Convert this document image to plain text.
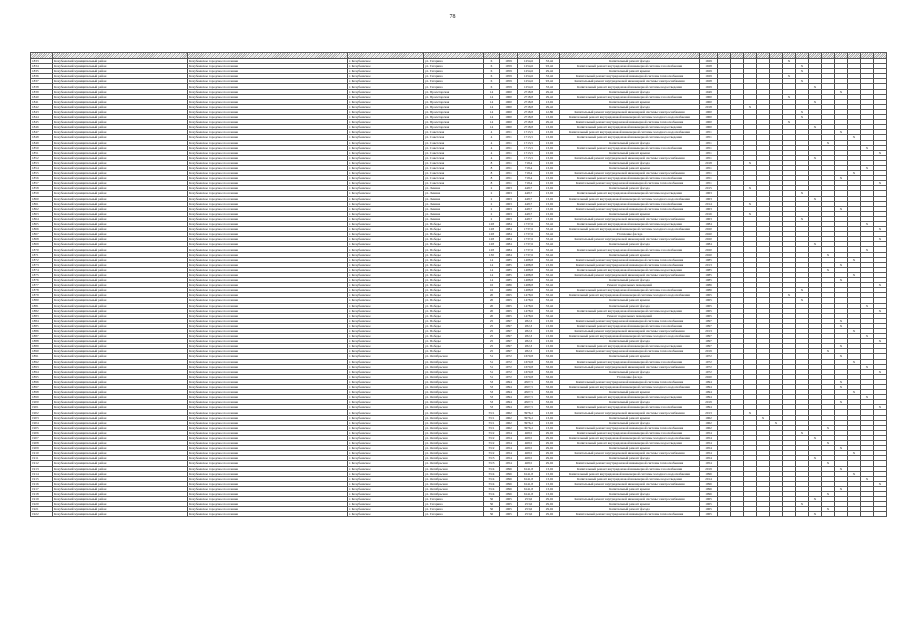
78

1833	Кочубеевский муниципальный район	Кочубеевское городское поселение	г. Кочубеевское	ул. Гагарина	6	1959	1254,6	33,42	Капитальный ремонт фасада	1929						X							
1834	Кочубеевский муниципальный район	Кочубеевское городское поселение	г. Кочубеевское	ул. Гагарина	6	1959	1254,6	93,42	Капитальный ремонт внутридомовой инженерной системы газоснабжения	1928							X						
1835	Кочубеевский муниципальный район	Кочубеевское городское поселение	г. Кочубеевское	ул. Гагарина	6	1959	1254,6	29,42	Капитальный ремонт крыши	1929							X						
1836	Кочубеевский муниципальный район	Кочубеевское городское поселение	г. Кочубеевское	ул. Гагарина	6	1959	1254,6	33,42	Капитальный ремонт внутридомовой инженерной системы теплоснабжения	1929						X							
1837	Кочубеевский муниципальный район	Кочубеевское городское поселение	г. Кочубеевское	ул. Гагарина	6	1959	1254,6	93,42	Капитальный ремонт внутридомовой инженерной системы электроснабжения	1928							X						
1838	Кочубеевский муниципальный район	Кочубеевское городское поселение	г. Кочубеевское	ул. Гагарина	6	1959	1254,6	33,42	Капитальный ремонт внутридомовой инженерной системы водоотведения	1929								X					
1839	Кочубеевский муниципальный район	Кочубеевское городское поселение	г. Кочубеевское	ул. Пролетарская	14	1960	2718,8	29,42	Капитальный ремонт фасада	1949										X			
1840	Кочубеевский муниципальный район	Кочубеевское городское поселение	г. Кочубеевское	ул. Пролетарская	14	1960	2718,8	29,42	Капитальный ремонт внутридомовой инженерной системы газоснабжения	1960						X							
1841	Кочубеевский муниципальный район	Кочубеевское городское поселение	г. Кочубеевское	ул. Пролетарская	14	1960	2718,8	13,02	Капитальный ремонт крыши	1960								X					
1842	Кочубеевский муниципальный район	Кочубеевское городское поселение	г. Кочубеевское	ул. Пролетарская	14	1960	2718,8	29,42	Капитальный ремонт фасада	2018			X										
1843	Кочубеевский муниципальный район	Кочубеевское городское поселение	г. Кочубеевское	ул. Пролетарская	14	1960	2718,8	12,86	Капитальный ремонт внутридомовой инженерной системы электроснабжения	1960							X						
1844	Кочубеевский муниципальный район	Кочубеевское городское поселение	г. Кочубеевское	ул. Пролетарская	14	1960	2718,8	13,02	Капитальный ремонт внутридомовой инженерной системы холодного водоснабжения	1960							X						
1845	Кочубеевский муниципальный район	Кочубеевское городское поселение	г. Кочубеевское	ул. Пролетарская	14	1960	2718,8	29,42	Капитальный ремонт внутридомовой инженерной системы теплоснабжения	1960						X							
1846	Кочубеевский муниципальный район	Кочубеевское городское поселение	г. Кочубеевское	ул. Пролетарская	14	1960	2718,8	13,02	Капитальный ремонт внутридомовой инженерной системы водоотведения	1960								X					
1847	Кочубеевский муниципальный район	Кочубеевское городское поселение	г. Кочубеевское	ул. Советская	4	1951	1713,5	13,02	Капитальный ремонт внутридомовой инженерной системы холодного водоснабжения	1951										X			
1848	Кочубеевский муниципальный район	Кочубеевское городское поселение	г. Кочубеевское	ул. Советская	4	1951	1713,5	13,02	Капитальный ремонт внутридомовой инженерной системы водоотведения	1951											X		
1849	Кочубеевский муниципальный район	Кочубеевское городское поселение	г. Кочубеевское	ул. Советская	4	1951	1713,5	13,02	Капитальный ремонт фасада	1951									X				
1850	Кочубеевский муниципальный район	Кочубеевское городское поселение	г. Кочубеевское	ул. Советская	4	1951	1713,5	13,02	Капитальный ремонт внутридомовой инженерной системы газоснабжения	1951												X	
1851	Кочубеевский муниципальный район	Кочубеевское городское поселение	г. Кочубеевское	ул. Советская	4	1951	1713,5	13,02	Капитальный ремонт крыши	1951													X
1852	Кочубеевский муниципальный район	Кочубеевское городское поселение	г. Кочубеевское	ул. Советская	4	1951	1713,5	13,02	Капитальный ремонт внутридомовой инженерной системы электроснабжения	1951								X					
1853	Кочубеевский муниципальный район	Кочубеевское городское поселение	г. Кочубеевское	ул. Советская	8	1951	718,4	13,02	Капитальный ремонт фасада	2018			X										
1854	Кочубеевский муниципальный район	Кочубеевское городское поселение	г. Кочубеевское	ул. Советская	8	1951	718,4	13,02	Капитальный ремонт крыши	1951												X	
1855	Кочубеевский муниципальный район	Кочубеевское городское поселение	г. Кочубеевское	ул. Советская	8	1951	718,4	13,02	Капитальный ремонт внутридомовой инженерной системы электроснабжения	1951											X		
1856	Кочубеевский муниципальный район	Кочубеевское городское поселение	г. Кочубеевское	ул. Советская	8	1951	718,4	13,02	Капитальный ремонт внутридомовой инженерной системы газоснабжения	1951										X			
1857	Кочубеевский муниципальный район	Кочубеевское городское поселение	г. Кочубеевское	ул. Советская	8	1951	718,4	13,02	Капитальный ремонт внутридомовой инженерной системы теплоснабжения	1951													X
1858	Кочубеевский муниципальный район	Кочубеевское городское поселение	г. Кочубеевское	ул. Ленина	2	1963	448,7	13,02	Капитальный ремонт фасада	2015			X										
1859	Кочубеевский муниципальный район	Кочубеевское городское поселение	г. Кочубеевское	ул. Ленина	2	1963	448,7	13,02	Капитальный ремонт внутридомовой инженерной системы водоотведения	1963							X						
1860	Кочубеевский муниципальный район	Кочубеевское городское поселение	г. Кочубеевское	ул. Ленина	2	1963	448,7	13,02	Капитальный ремонт внутридомовой инженерной системы холодного водоснабжения	1963								X					
1861	Кочубеевский муниципальный район	Кочубеевское городское поселение	г. Кочубеевское	ул. Ленина	2	1963	448,7	13,02	Капитальный ремонт внутридомовой инженерной системы газоснабжения	2014			X										
1862	Кочубеевский муниципальный район	Кочубеевское городское поселение	г. Кочубеевское	ул. Ленина	2	1963	448,7	13,02	Капитальный ремонт внутридомовой инженерной системы теплоснабжения	1963										X			
1863	Кочубеевский муниципальный район	Кочубеевское городское поселение	г. Кочубеевское	ул. Ленина	2	1963	448,7	13,02	Капитальный ремонт крыши	2016			X										
1864	Кочубеевский муниципальный район	Кочубеевское городское поселение	г. Кочубеевское	ул. Ленина	2	1963	448,7	13,02	Капитальный ремонт внутридомовой инженерной системы электроснабжения	1963							X						
1865	Кочубеевский муниципальный район	Кочубеевское городское поселение	г. Кочубеевское	ул. Победы	128	1984	1737,6	33,42	Капитальный ремонт внутридомовой инженерной системы водоотведения	1984												X	
1866	Кочубеевский муниципальный район	Кочубеевское городское поселение	г. Кочубеевское	ул. Победы	128	1984	1737,6	33,42	Капитальный ремонт внутридомовой инженерной системы холодного водоснабжения	2020													X
1867	Кочубеевский муниципальный район	Кочубеевское городское поселение	г. Кочубеевское	ул. Победы	128	1984	1737,6	33,42	Утепление фасада	2020													
1868	Кочубеевский муниципальный район	Кочубеевское городское поселение	г. Кочубеевское	ул. Победы	128	1984	1737,6	33,42	Капитальный ремонт внутридомовой инженерной системы электроснабжения	2020													X
1869	Кочубеевский муниципальный район	Кочубеевское городское поселение	г. Кочубеевское	ул. Победы	128	1984	1737,6	33,42	Капитальный ремонт фасада	1984								X					
1870	Кочубеевский муниципальный район	Кочубеевское городское поселение	г. Кочубеевское	ул. Победы	128	1984	1737,6	33,42	Капитальный ремонт внутридомовой инженерной системы газоснабжения	2020												X	
1871	Кочубеевский муниципальный район	Кочубеевское городское поселение	г. Кочубеевское	ул. Победы	130	1984	1737,6	33,42	Капитальный ремонт крыши	2020									X				
1872	Кочубеевский муниципальный район	Кочубеевское городское поселение	г. Кочубеевское	ул. Победы	14	1985	1488,8	33,42	Капитальный ремонт внутридомовой инженерной системы теплоснабжения	1985											X		
1873	Кочубеевский муниципальный район	Кочубеевское городское поселение	г. Кочубеевское	ул. Победы	14	1985	1488,8	13,02	Капитальный ремонт внутридомовой инженерной системы теплоснабжения	2013										X			
1874	Кочубеевский муниципальный район	Кочубеевское городское поселение	г. Кочубеевское	ул. Победы	14	1985	1488,8	33,42	Капитальный ремонт внутридомовой инженерной системы водоотведения	1985									X				
1875	Кочубеевский муниципальный район	Кочубеевское городское поселение	г. Кочубеевское	ул. Победы	14	1985	1488,8	33,42	Капитальный ремонт внутридомовой инженерной системы электроснабжения	1985											X		
1876	Кочубеевский муниципальный район	Кочубеевское городское поселение	г. Кочубеевское	ул. Победы	14	1985	1488,8	33,42	Капитальный ремонт фасада	1985										X			
1877	Кочубеевский муниципальный район	Кочубеевское городское поселение	г. Кочубеевское	ул. Победы	16	1986	1488,8	33,42	Ремонт подвальных помещений	1986													X
1878	Кочубеевский муниципальный район	Кочубеевское городское поселение	г. Кочубеевское	ул. Победы	16	1986	1488,8	33,42	Капитальный ремонт внутридомовой инженерной системы газоснабжения	1986							X						
1879	Кочубеевский муниципальный район	Кочубеевское городское поселение	г. Кочубеевское	ул. Победы	20	1965	1478,6	33,42	Капитальный ремонт внутридомовой инженерной системы холодного водоснабжения	1965						X							
1880	Кочубеевский муниципальный район	Кочубеевское городское поселение	г. Кочубеевское	ул. Победы	20	1965	1478,6	33,42	Капитальный ремонт крыши	1965							X						
1881	Кочубеевский муниципальный район	Кочубеевское городское поселение	г. Кочубеевское	ул. Победы	20	1965	1478,6	33,42	Капитальный ремонт фасада	1965												X	
1882	Кочубеевский муниципальный район	Кочубеевское городское поселение	г. Кочубеевское	ул. Победы	20	1965	1478,6	33,42	Капитальный ремонт внутридомовой инженерной системы водоотведения	1965													X
1883	Кочубеевский муниципальный район	Кочубеевское городское поселение	г. Кочубеевское	ул. Победы	20	1965	1478,6	33,42	Ремонт подвальных помещений	1965													
1884	Кочубеевский муниципальный район	Кочубеевское городское поселение	г. Кочубеевское	ул. Победы	25	1997	282,3	13,02	Капитальный ремонт внутридомовой инженерной системы теплоснабжения	1997										X			
1885	Кочубеевский муниципальный район	Кочубеевское городское поселение	г. Кочубеевское	ул. Победы	25	1997	282,3	13,02	Капитальный ремонт внутридомовой инженерной системы газоснабжения	1997										X			
1886	Кочубеевский муниципальный район	Кочубеевское городское поселение	г. Кочубеевское	ул. Победы	25	1997	282,3	13,02	Капитальный ремонт внутридомовой инженерной системы электроснабжения	2013											X		
1887	Кочубеевский муниципальный район	Кочубеевское городское поселение	г. Кочубеевское	ул. Победы	25	1997	282,3	13,02	Капитальный ремонт внутридомовой инженерной системы холодного водоснабжения	1997												X	
1888	Кочубеевский муниципальный район	Кочубеевское городское поселение	г. Кочубеевское	ул. Победы	25	1997	282,3	13,02	Капитальный ремонт фасада	1997													X
1889	Кочубеевский муниципальный район	Кочубеевское городское поселение	г. Кочубеевское	ул. Победы	25	1997	282,3	13,02	Капитальный ремонт внутридомовой инженерной системы водоотведения	1997										X			
1890	Кочубеевский муниципальный район	Кочубеевское городское поселение	г. Кочубеевское	ул. Победы	25	1997	282,3	13,02	Капитальный ремонт внутридомовой инженерной системы теплоснабжения	2019									X				
1891	Кочубеевский муниципальный район	Кочубеевское городское поселение	г. Кочубеевское	ул. Октябрьская	51	1972	1670,8	33,02	Капитальный ремонт крыши	1972										X			
1892	Кочубеевский муниципальный район	Кочубеевское городское поселение	г. Кочубеевское	ул. Октябрьская	51	1972	1670,8	33,02	Капитальный ремонт внутридомовой инженерной системы газоснабжения	1972											X		
1893	Кочубеевский муниципальный район	Кочубеевское городское поселение	г. Кочубеевское	ул. Октябрьская	51	1972	1670,8	33,02	Капитальный ремонт внутридомовой инженерной системы электроснабжения	1972												X	
1894	Кочубеевский муниципальный район	Кочубеевское городское поселение	г. Кочубеевское	ул. Октябрьская	51	1972	1670,8	33,02	Капитальный ремонт фасада	1972													X
1895	Кочубеевский муниципальный район	Кочубеевское городское поселение	г. Кочубеевское	ул. Октябрьская	51	1972	1670,8	33,02	Утепление фасада	2020													
1896	Кочубеевский муниципальный район	Кочубеевское городское поселение	г. Кочубеевское	ул. Октябрьская	53	1994	4507,5	33,02	Капитальный ремонт внутридомовой инженерной системы теплоснабжения	1994										X			
1897	Кочубеевский муниципальный район	Кочубеевское городское поселение	г. Кочубеевское	ул. Октябрьская	53	1994	4507,5	33,02	Капитальный ремонт внутридомовой инженерной системы холодного водоснабжения	1994										X			
1898	Кочубеевский муниципальный район	Кочубеевское городское поселение	г. Кочубеевское	ул. Октябрьская	53	1994	4507,5	33,02	Капитальный ремонт крыши	1994											X		
1899	Кочубеевский муниципальный район	Кочубеевское городское поселение	г. Кочубеевское	ул. Октябрьская	53	1994	4507,5	33,02	Капитальный ремонт внутридомовой инженерной системы водоотведения	1994												X	
1900	Кочубеевский муниципальный район	Кочубеевское городское поселение	г. Кочубеевское	ул. Октябрьская	53	1994	4507,5	33,02	Капитальный ремонт фасада	2019										X			
1901	Кочубеевский муниципальный район	Кочубеевское городское поселение	г. Кочубеевское	ул. Октябрьская	53	1994	4507,5	33,02	Капитальный ремонт внутридомовой инженерной системы газоснабжения	1994													X
1902	Кочубеевский муниципальный район	Кочубеевское городское поселение	г. Кочубеевское	ул. Октябрьская	55/1	1962	3976,2	13,02	Капитальный ремонт внутридомовой инженерной системы электроснабжения	2013			X										
1903	Кочубеевский муниципальный район	Кочубеевское городское поселение	г. Кочубеевское	ул. Октябрьская	55/1	1962	3976,2	13,02	Капитальный ремонт крыши	1962				X									
1904	Кочубеевский муниципальный район	Кочубеевское городское поселение	г. Кочубеевское	ул. Октябрьская	55/1	1962	3976,2	13,02	Капитальный ремонт фасада	1962					X								
1905	Кочубеевский муниципальный район	Кочубеевское городское поселение	г. Кочубеевское	ул. Октябрьская	55/1	1962	3976,2	13,02	Капитальный ремонт внутридомовой инженерной системы теплоснабжения	1962									X				
1906	Кочубеевский муниципальный район	Кочубеевское городское поселение	г. Кочубеевское	ул. Октябрьская	55/2	1954	468,5	29,02	Капитальный ремонт внутридомовой инженерной системы газоснабжения	1954							X						
1907	Кочубеевский муниципальный район	Кочубеевское городское поселение	г. Кочубеевское	ул. Октябрьская	55/2	1954	468,5	29,02	Капитальный ремонт внутридомовой инженерной системы холодного водоснабжения	1954								X					
1908	Кочубеевский муниципальный район	Кочубеевское городское поселение	г. Кочубеевское	ул. Октябрьская	55/2	1954	468,5	29,02	Капитальный ремонт внутридомовой инженерной системы водоотведения	1954									X				
1909	Кочубеевский муниципальный район	Кочубеевское городское поселение	г. Кочубеевское	ул. Октябрьская	55/2	1954	468,5	29,02	Капитальный ремонт крыши	1954										X			
1910	Кочубеевский муниципальный район	Кочубеевское городское поселение	г. Кочубеевское	ул. Октябрьская	55/2	1954	468,5	29,02	Капитальный ремонт внутридомовой инженерной системы электроснабжения	1954											X		
1911	Кочубеевский муниципальный район	Кочубеевское городское поселение	г. Кочубеевское	ул. Октябрьская	55/3	1954	468,5	29,02	Капитальный ремонт фасада	1954								X					
1912	Кочубеевский муниципальный район	Кочубеевское городское поселение	г. Кочубеевское	ул. Октябрьская	55/3	1954	468,5	29,02	Капитальный ремонт внутридомовой инженерной системы теплоснабжения	1954									X				
1913	Кочубеевский муниципальный район	Кочубеевское городское поселение	г. Кочубеевское	ул. Октябрьская	55/4	1996	6141,8	13,02	Капитальный ремонт внутридомовой инженерной системы газоснабжения	2019										X			
1914	Кочубеевский муниципальный район	Кочубеевское городское поселение	г. Кочубеевское	ул. Октябрьская	55/4	1996	6141,8	13,02	Капитальный ремонт внутридомовой инженерной системы холодного водоснабжения	1996											X		
1915	Кочубеевский муниципальный район	Кочубеевское городское поселение	г. Кочубеевское	ул. Октябрьская	55/4	1996	6141,8	13,02	Капитальный ремонт внутридомовой инженерной системы водоотведения	2014												X	
1916	Кочубеевский муниципальный район	Кочубеевское городское поселение	г. Кочубеевское	ул. Октябрьская	55/4	1996	6141,8	13,02	Капитальный ремонт внутридомовой инженерной системы электроснабжения	1996													X
1917	Кочубеевский муниципальный район	Кочубеевское городское поселение	г. Кочубеевское	ул. Октябрьская	55/4	1996	6141,8	13,02	Капитальный ремонт крыши	1996										X			
1918	Кочубеевский муниципальный район	Кочубеевское городское поселение	г. Кочубеевское	ул. Октябрьская	55/4	1996	6141,8	13,02	Капитальный ремонт фасада	1996									X				
1919	Кочубеевский муниципальный район	Кочубеевское городское поселение	г. Кочубеевское	ул. Гагарина	50	1965	253,6	29,02	Капитальный ремонт внутридомовой инженерной системы электроснабжения	1965								X					
1920	Кочубеевский муниципальный район	Кочубеевское городское поселение	г. Кочубеевское	ул. Гагарина	50	1965	253,6	29,02	Капитальный ремонт крыши	1965							X						
1921	Кочубеевский муниципальный район	Кочубеевское городское поселение	г. Кочубеевское	ул. Гагарина	50	1965	253,6	29,02	Капитальный ремонт фасада	1965									X				
1922	Кочубеевский муниципальный район	Кочубеевское городское поселение	г. Кочубеевское	ул. Гагарина	50	1965	253,6	29,02	Капитальный ремонт внутридомовой инженерной системы теплоснабжения	1965								X					
